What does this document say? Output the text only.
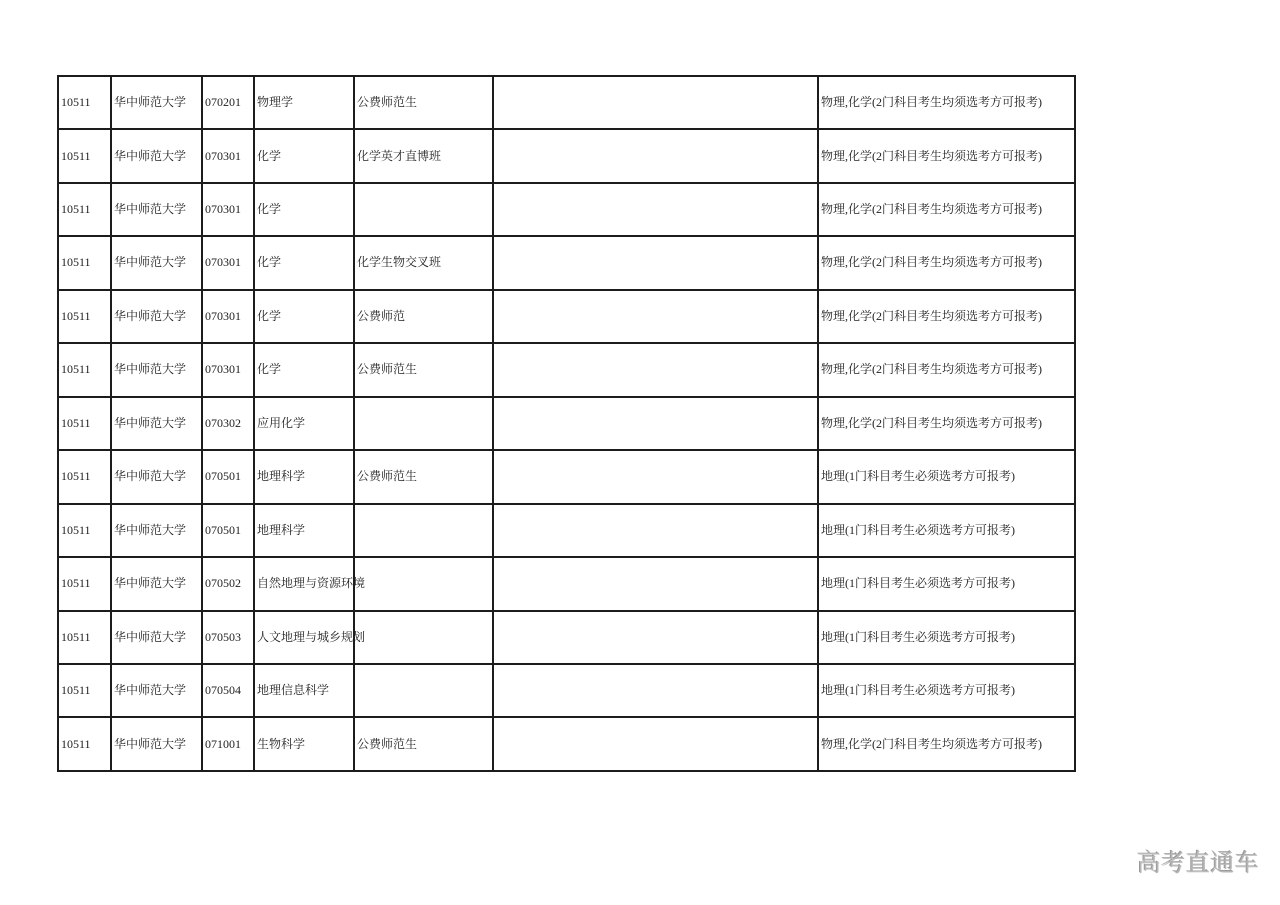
10511	华中师范大学	070201	物理学	公费师范生		物理,化学(2门科目考生均须选考方可报考)
10511	华中师范大学	070301	化学	化学英才直博班		物理,化学(2门科目考生均须选考方可报考)
10511	华中师范大学	070301	化学			物理,化学(2门科目考生均须选考方可报考)
10511	华中师范大学	070301	化学	化学生物交叉班		物理,化学(2门科目考生均须选考方可报考)
10511	华中师范大学	070301	化学	公费师范		物理,化学(2门科目考生均须选考方可报考)
10511	华中师范大学	070301	化学	公费师范生		物理,化学(2门科目考生均须选考方可报考)
10511	华中师范大学	070302	应用化学			物理,化学(2门科目考生均须选考方可报考)
10511	华中师范大学	070501	地理科学	公费师范生		地理(1门科目考生必须选考方可报考)
10511	华中师范大学	070501	地理科学			地理(1门科目考生必须选考方可报考)
10511	华中师范大学	070502	自然地理与资源环境			地理(1门科目考生必须选考方可报考)
10511	华中师范大学	070503	人文地理与城乡规划			地理(1门科目考生必须选考方可报考)
10511	华中师范大学	070504	地理信息科学			地理(1门科目考生必须选考方可报考)
10511	华中师范大学	071001	生物科学	公费师范生		物理,化学(2门科目考生均须选考方可报考)
高考直通车
